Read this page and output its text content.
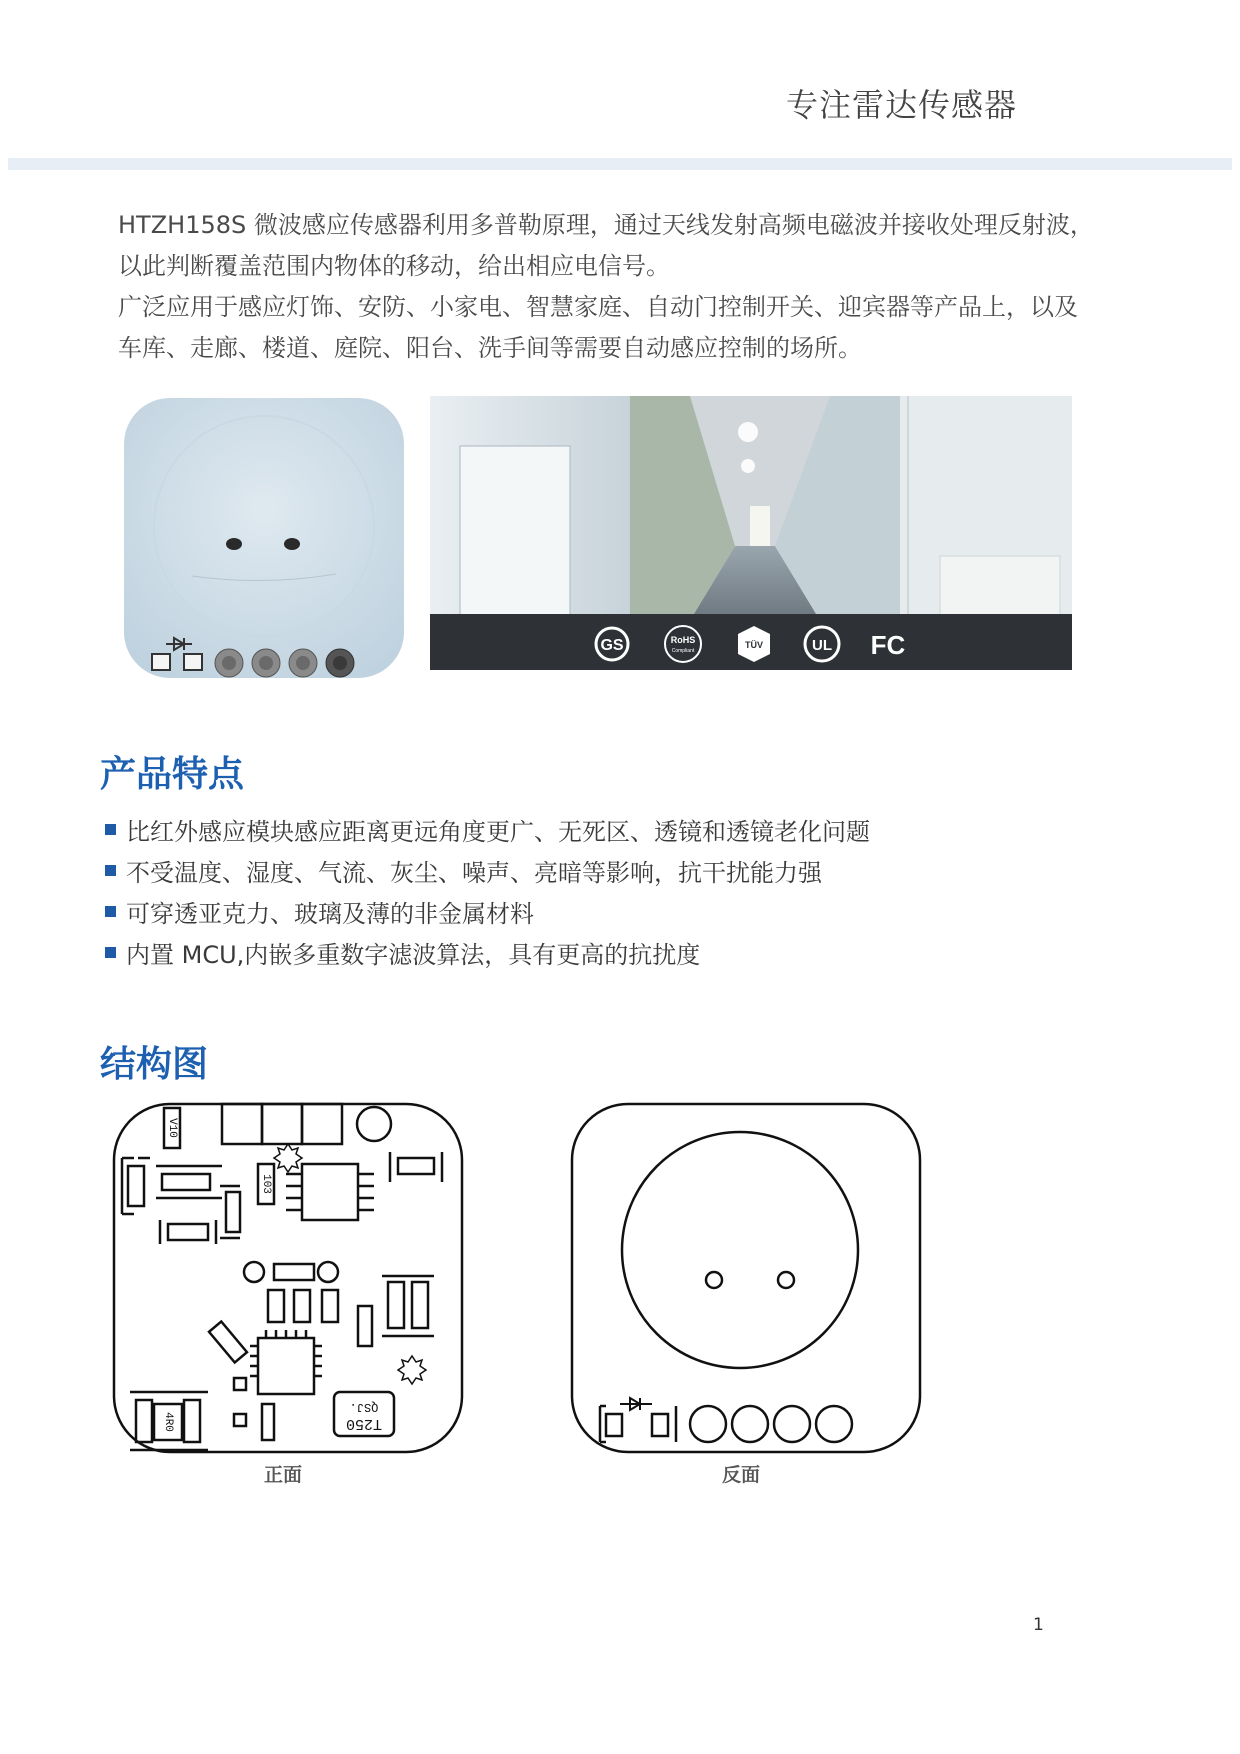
专注雷达传感器
HTZH158S 微波感应传感器利用多普勒原理，通过天线发射高频电磁波并接收处理反射波，
以此判断覆盖范围内物体的移动，给出相应电信号。
广泛应用于感应灯饰、安防、小家电、智慧家庭、自动门控制开关、迎宾器等产品上，以及
车库、走廊、楼道、庭院、阳台、洗手间等需要自动感应控制的场所。
GS	RoHS
Compliant
TÜV	UL FC
产品特点
比红外感应模块感应距离更远角度更广、无死区、透镜和透镜老化问题
不受温度、湿度、气流、灰尘、噪声、亮暗等影响，抗干扰能力强
可穿透亚克力、玻璃及薄的非金属材料
内置 MCU,内嵌多重数字滤波算法，具有更高的抗扰度
结构图
V10
103
4R0
QSJ.
T250
正面	反面
1
